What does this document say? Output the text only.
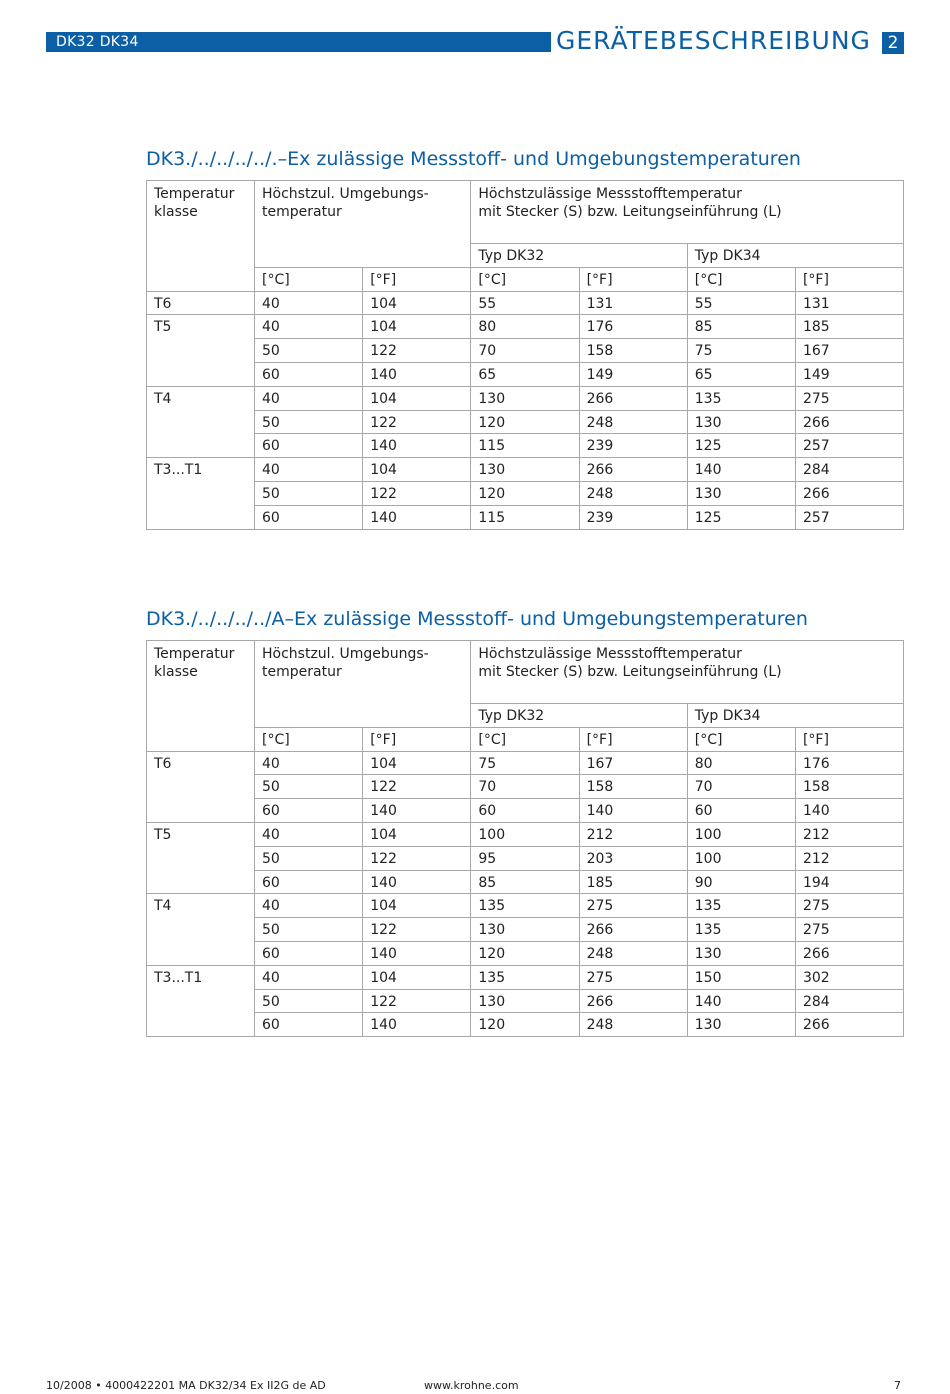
DK32 DK34	GERÄTEBESCHREIBUNG 2
DK3./../../../../.–Ex zulässige Messstoff- und Umgebungstemperaturen
Temperatur
klasse	Höchstzul. Umgebungs-
temperatur		Höchstzulässige Messstofftemperatur
mit Stecker (S) bzw. Leitungseinführung (L)			
			Typ DK32		Typ DK34	
	[°C]	[°F]	[°C]	[°F]	[°C]	[°F]
T6	40	104	55	131	55	131
T5	40	104	80	176	85	185
	50	122	70	158	75	167
	60	140	65	149	65	149
T4	40	104	130	266	135	275
	50	122	120	248	130	266
	60	140	115	239	125	257
T3...T1	40	104	130	266	140	284
	50	122	120	248	130	266
	60	140	115	239	125	257
DK3./../../../../A–Ex zulässige Messstoff- und Umgebungstemperaturen
Temperatur
klasse	Höchstzul. Umgebungs-
temperatur		Höchstzulässige Messstofftemperatur
mit Stecker (S) bzw. Leitungseinführung (L)			
			Typ DK32		Typ DK34	
	[°C]	[°F]	[°C]	[°F]	[°C]	[°F]
T6	40	104	75	167	80	176
	50	122	70	158	70	158
	60	140	60	140	60	140
T5	40	104	100	212	100	212
	50	122	95	203	100	212
	60	140	85	185	90	194
T4	40	104	135	275	135	275
	50	122	130	266	135	275
	60	140	120	248	130	266
T3...T1	40	104	135	275	150	302
	50	122	130	266	140	284
	60	140	120	248	130	266
10/2008 • 4000422201 MA DK32/34 Ex II2G de AD	www.krohne.com	7
